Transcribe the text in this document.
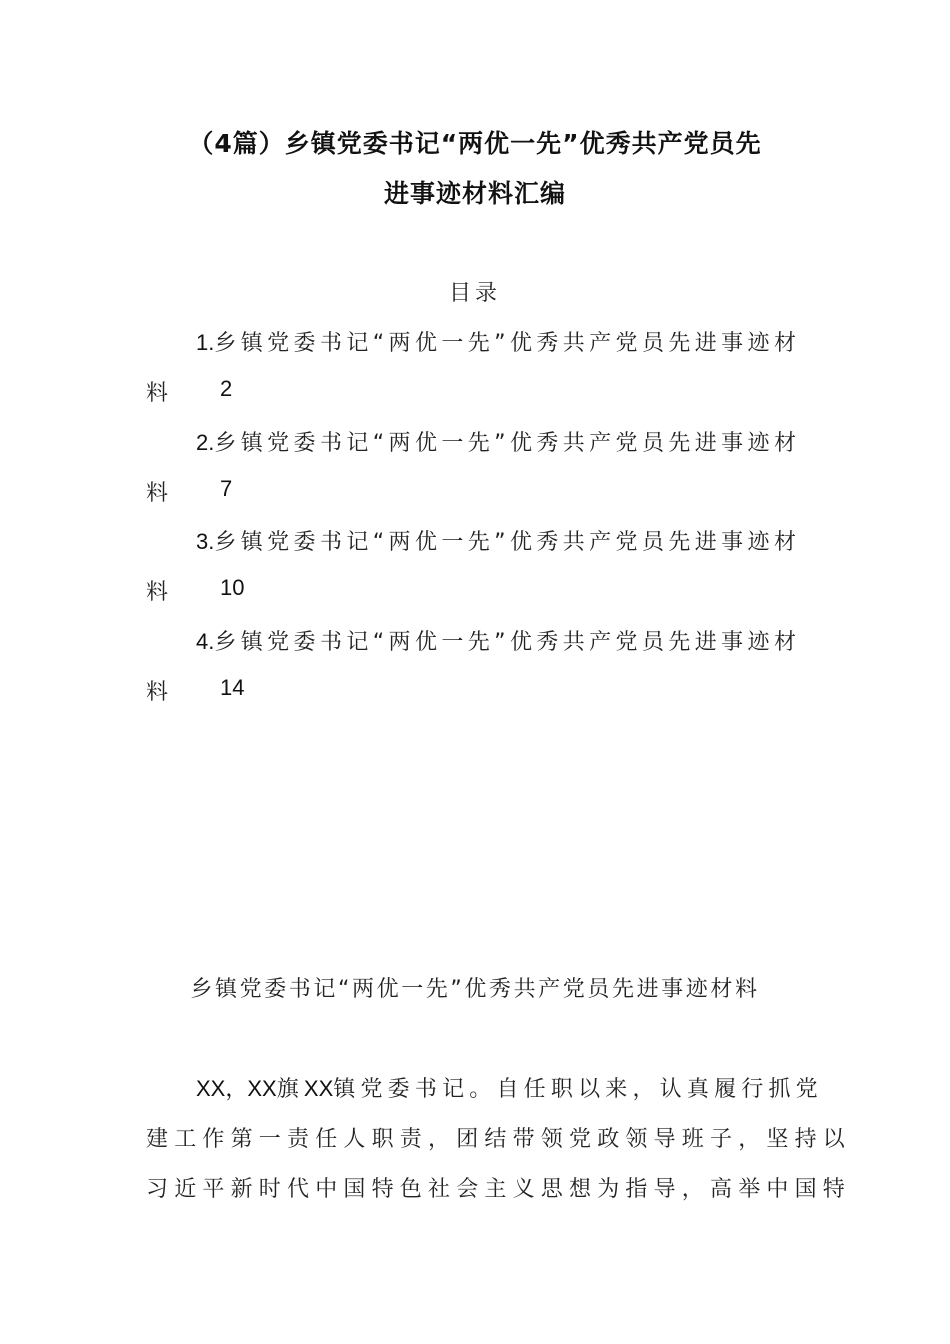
（4篇）乡镇党委书记“两优一先”优秀共产党员先
进事迹材料汇编
目录
1.乡镇党委书记“两优一先”优秀共产党员先进事迹材
料 2
2.乡镇党委书记“两优一先”优秀共产党员先进事迹材
料 7
3.乡镇党委书记“两优一先”优秀共产党员先进事迹材
料 10
4.乡镇党委书记“两优一先”优秀共产党员先进事迹材
料 14
乡镇党委书记“两优一先”优秀共产党员先进事迹材料
XX，XX旗XX镇党委书记。自任职以来，认真履行抓党
建工作第一责任人职责，团结带领党政领导班子，坚持以
习近平新时代中国特色社会主义思想为指导，高举中国特
